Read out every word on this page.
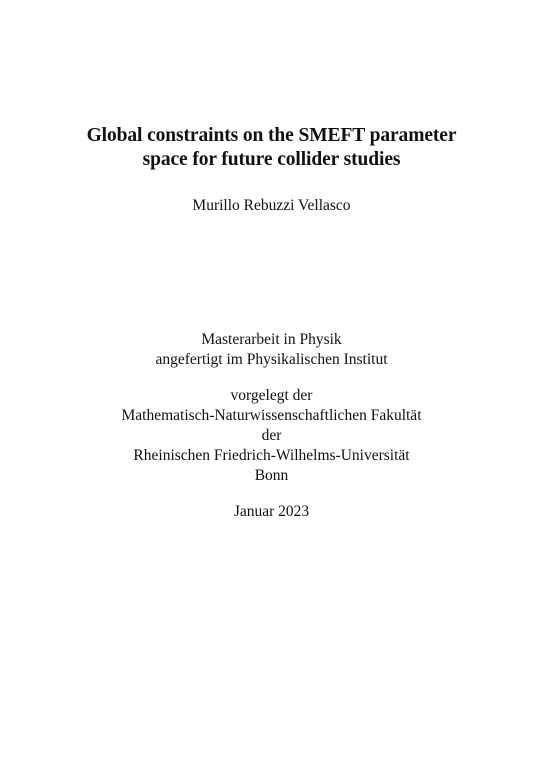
Global constraints on the SMEFT parameter
space for future collider studies
Murillo Rebuzzi Vellasco
Masterarbeit in Physik
angefertigt im Physikalischen Institut
vorgelegt der
Mathematisch-Naturwissenschaftlichen Fakultät
der
Rheinischen Friedrich-Wilhelms-Universität
Bonn
Januar 2023
